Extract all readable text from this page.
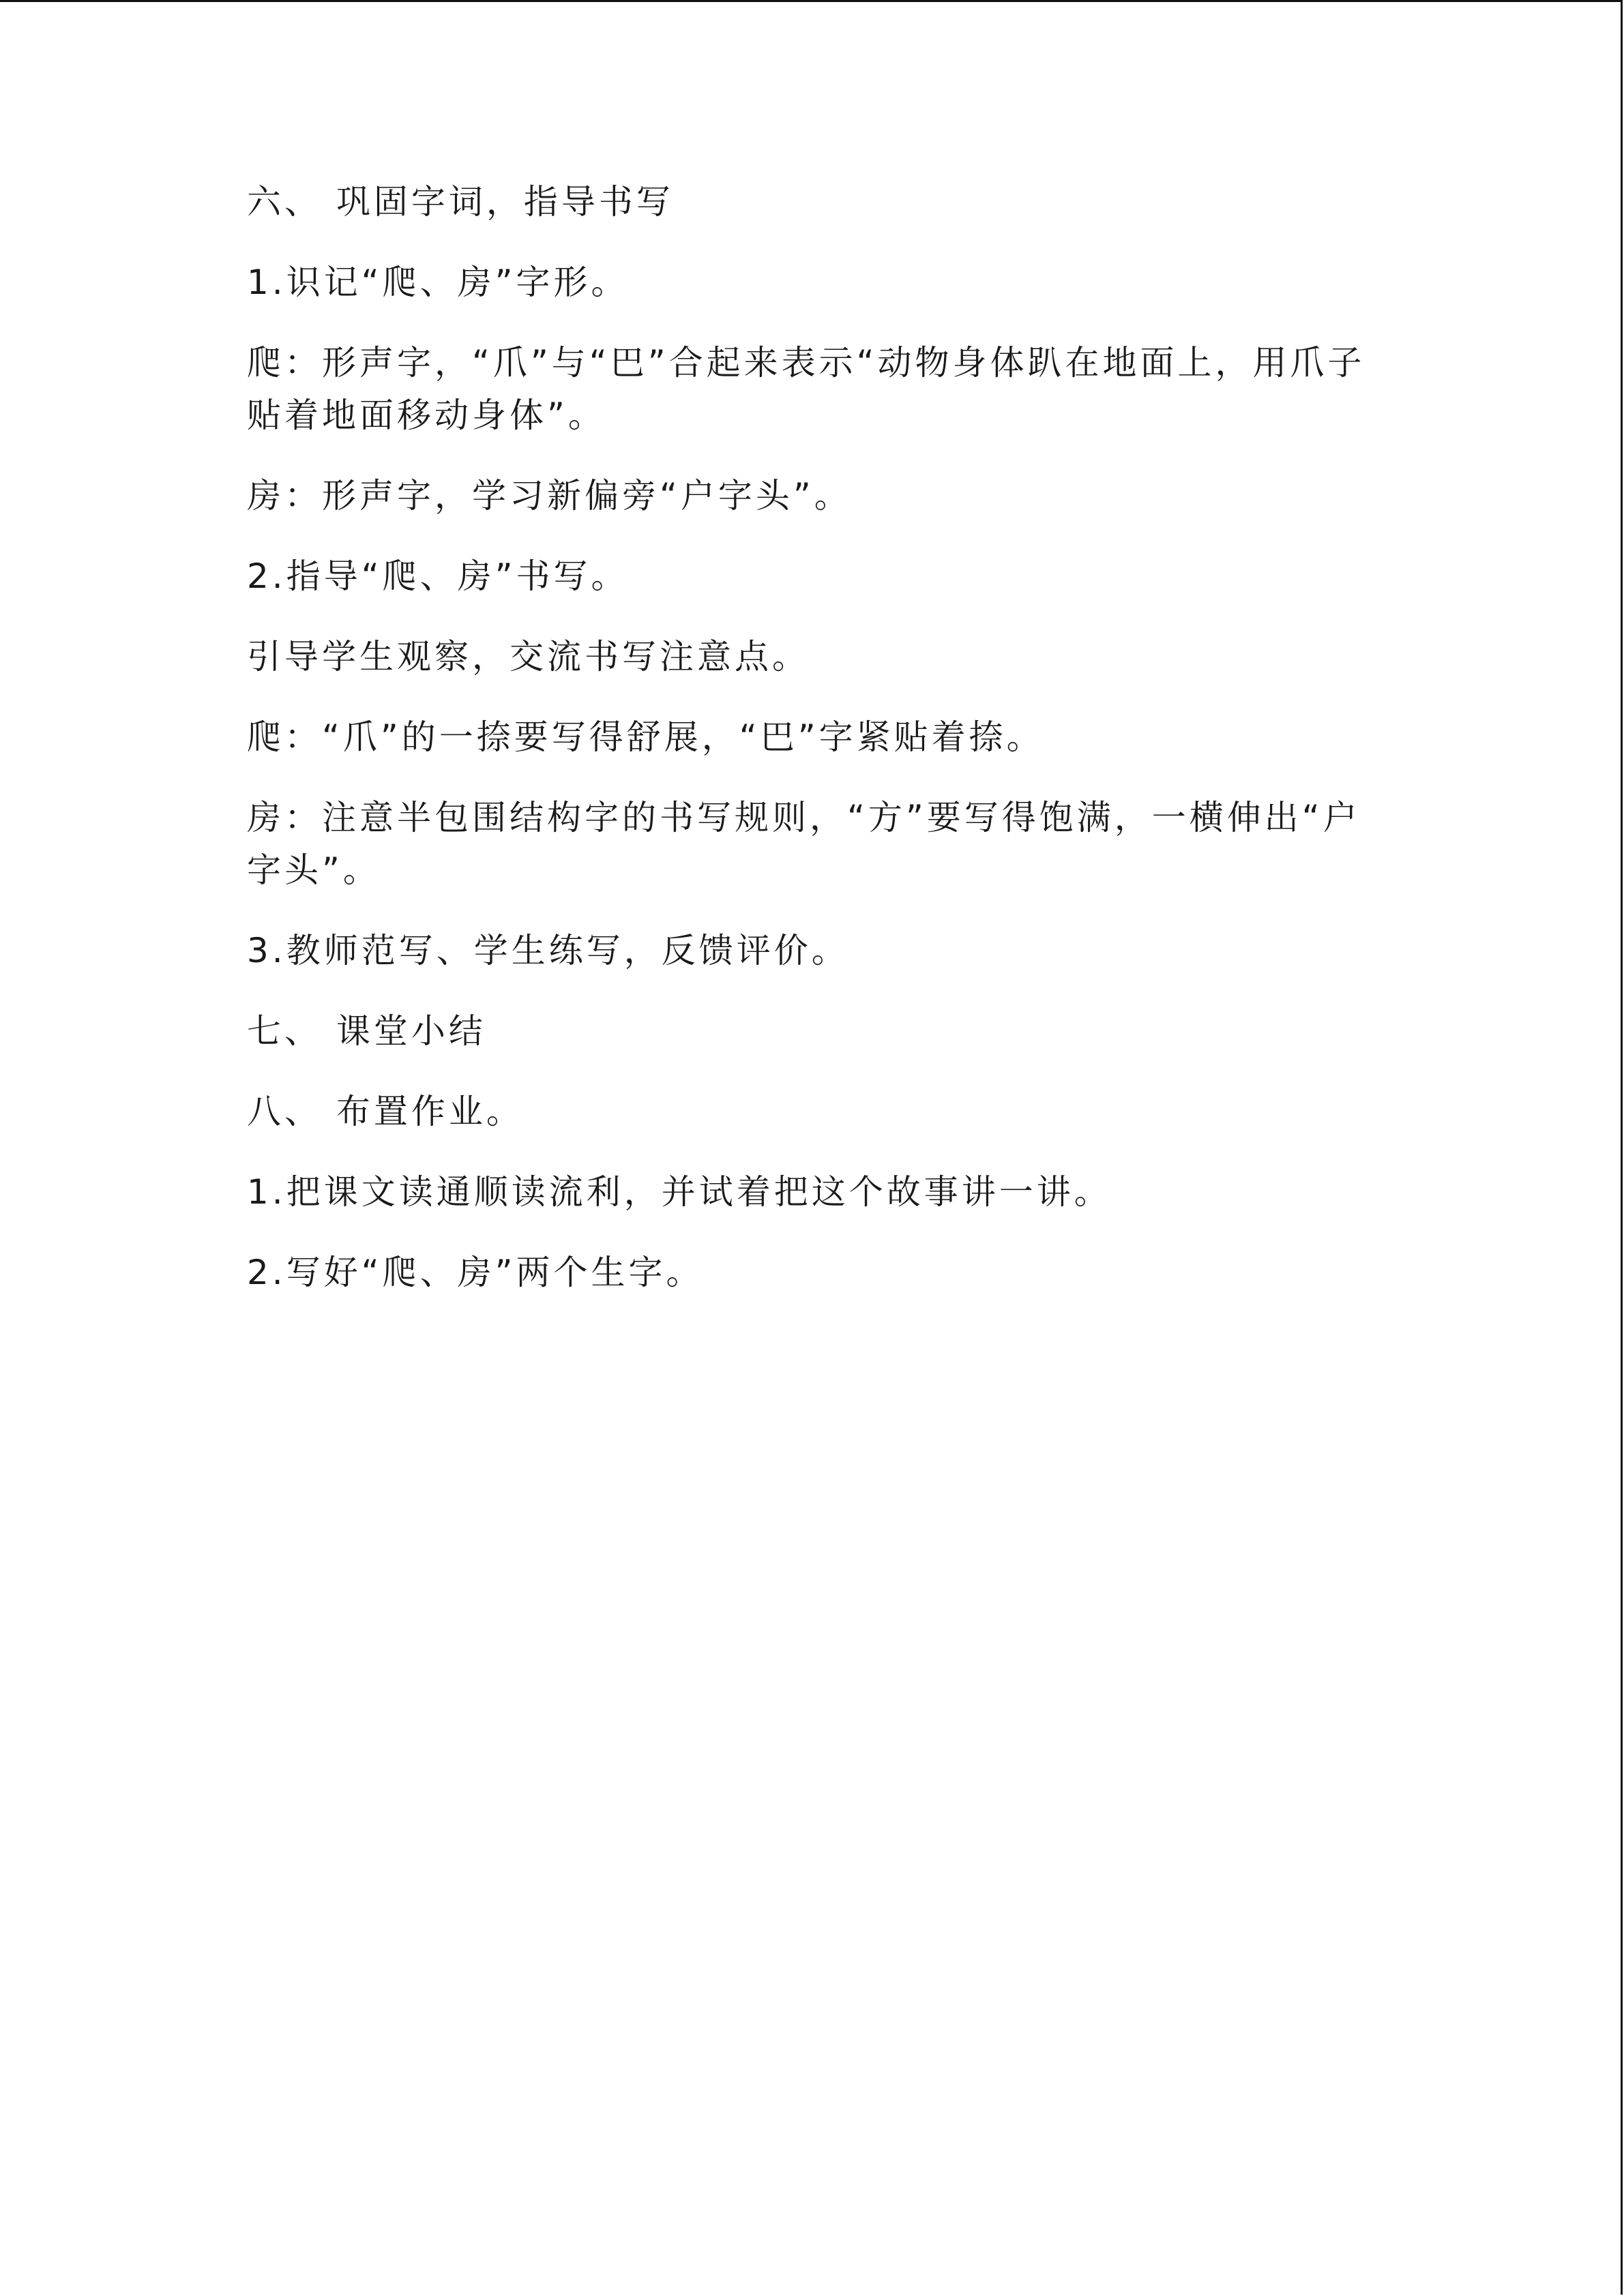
六、 巩固字词，指导书写

1.识记“爬、房”字形。

爬：形声字，“爪”与“巴”合起来表示“动物身体趴在地面上，用爪子贴着地面移动身体”。

房：形声字，学习新偏旁“户字头”。

2.指导“爬、房”书写。

引导学生观察，交流书写注意点。

爬：“爪”的一捺要写得舒展，“巴”字紧贴着捺。

房：注意半包围结构字的书写规则，“方”要写得饱满，一横伸出“户字头”。

3.教师范写、学生练写，反馈评价。

七、 课堂小结

八、 布置作业。

1.把课文读通顺读流利，并试着把这个故事讲一讲。

2.写好“爬、房”两个生字。
